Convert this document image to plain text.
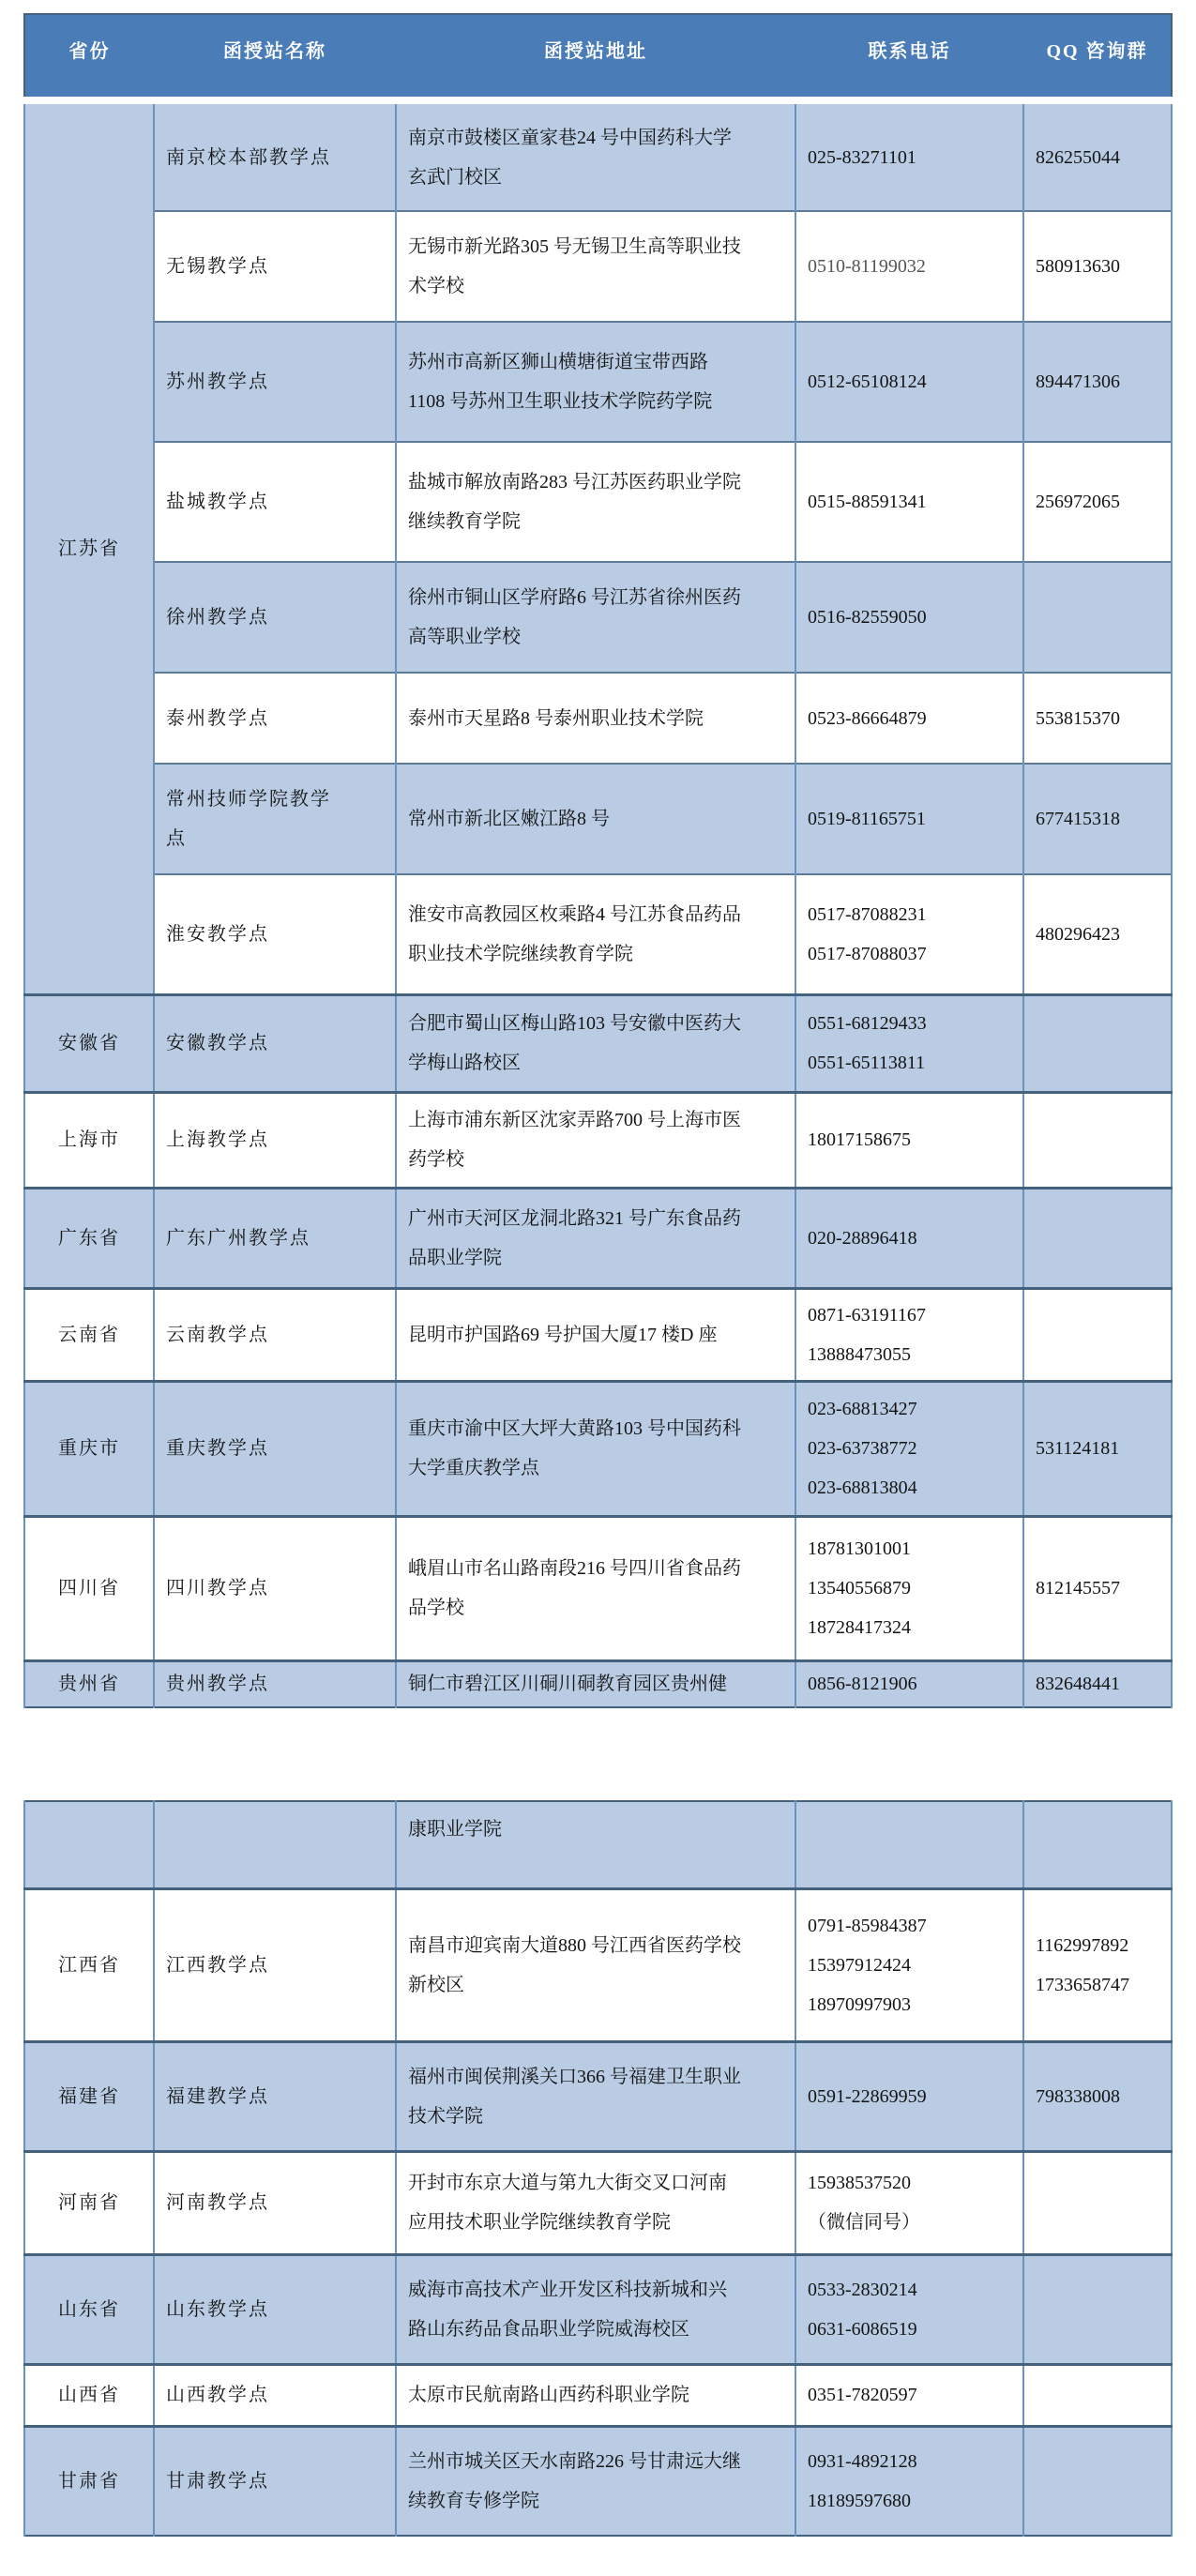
省份	函授站名称	函授站地址	联系电话	QQ 咨询群
江苏省	南京校本部教学点	南京市鼓楼区童家巷24 号中国药科大学
玄武门校区	025-83271101	826255044

	无锡教学点	无锡市新光路305 号无锡卫生高等职业技
术学校	0510-81199032	580913630

	苏州教学点	苏州市高新区狮山横塘街道宝带西路
1108 号苏州卫生职业技术学院药学院	0512-65108124	894471306

	盐城教学点	盐城市解放南路283 号江苏医药职业学院
继续教育学院	0515-88591341	256972065

	徐州教学点	徐州市铜山区学府路6 号江苏省徐州医药
高等职业学校	0516-82559050	

	泰州教学点	泰州市天星路8 号泰州职业技术学院	0523-86664879	553815370

	常州技师学院教学
点	常州市新北区嫩江路8 号	0519-81165751	677415318

	淮安教学点	淮安市高教园区枚乘路4 号江苏食品药品
职业技术学院继续教育学院	0517-87088231
0517-87088037	480296423

安徽省	安徽教学点	合肥市蜀山区梅山路103 号安徽中医药大
学梅山路校区	0551-68129433
0551-65113811	

上海市	上海教学点	上海市浦东新区沈家弄路700 号上海市医
药学校	18017158675	

广东省	广东广州教学点	广州市天河区龙洞北路321 号广东食品药
品职业学院	020-28896418	

云南省	云南教学点	昆明市护国路69 号护国大厦17 楼D 座	0871-63191167
13888473055	

重庆市	重庆教学点	重庆市渝中区大坪大黄路103 号中国药科
大学重庆教学点	023-68813427
023-63738772
023-68813804	531124181

四川省	四川教学点	峨眉山市名山路南段216 号四川省食品药
品学校	18781301001
13540556879
18728417324	812145557

贵州省	贵州教学点	铜仁市碧江区川硐川硐教育园区贵州健	0856-8121906	832648441

		康职业学院		

江西省	江西教学点	南昌市迎宾南大道880 号江西省医药学校
新校区	0791-85984387
15397912424
18970997903	1162997892
1733658747

福建省	福建教学点	福州市闽侯荆溪关口366 号福建卫生职业
技术学院	0591-22869959	798338008

河南省	河南教学点	开封市东京大道与第九大街交叉口河南
应用技术职业学院继续教育学院	15938537520
（微信同号）	

山东省	山东教学点	威海市高技术产业开发区科技新城和兴
路山东药品食品职业学院威海校区	0533-2830214
0631-6086519	

山西省	山西教学点	太原市民航南路山西药科职业学院	0351-7820597	

甘肃省	甘肃教学点	兰州市城关区天水南路226 号甘肃远大继
续教育专修学院	0931-4892128
18189597680	
